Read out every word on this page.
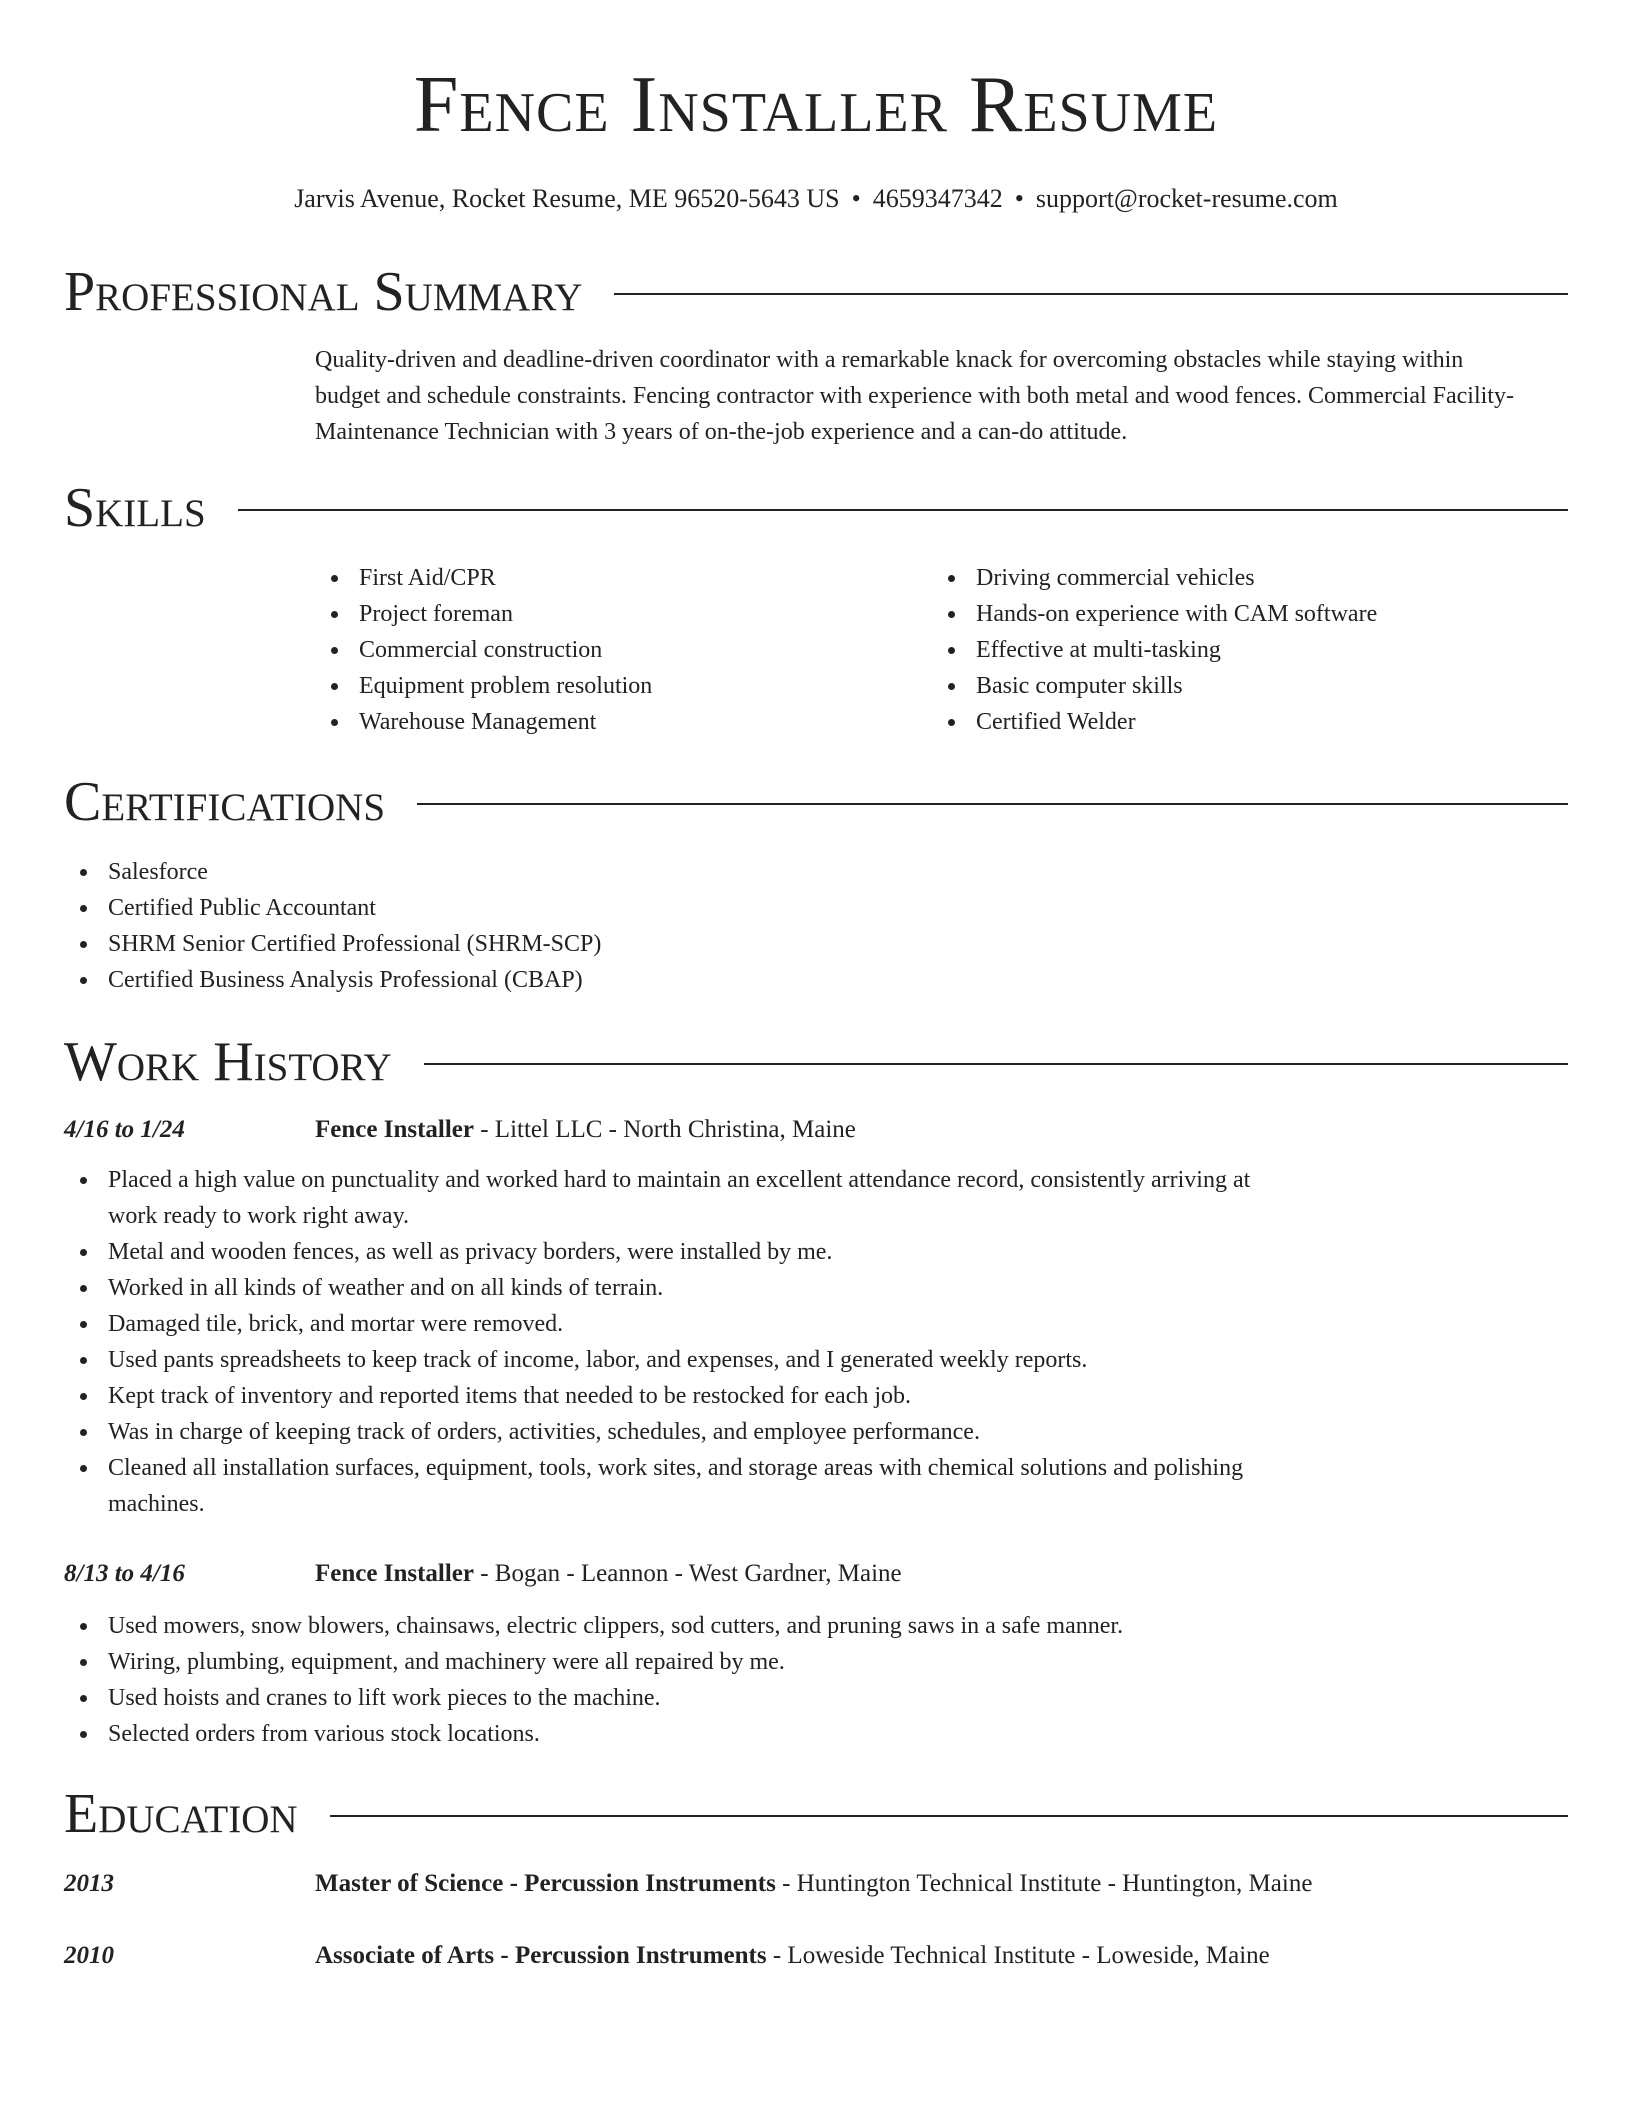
Fence Installer Resume
Jarvis Avenue, Rocket Resume, ME 96520-5643 US • 4659347342 • support@rocket-resume.com
Professional Summary
Quality-driven and deadline-driven coordinator with a remarkable knack for overcoming obstacles while staying within
budget and schedule constraints. Fencing contractor with experience with both metal and wood fences. Commercial Facility-
Maintenance Technician with 3 years of on-the-job experience and a can-do attitude.
Skills
First Aid/CPR
Project foreman
Commercial construction
Equipment problem resolution
Warehouse Management
Driving commercial vehicles
Hands-on experience with CAM software
Effective at multi-tasking
Basic computer skills
Certified Welder
Certifications
Salesforce
Certified Public Accountant
SHRM Senior Certified Professional (SHRM-SCP)
Certified Business Analysis Professional (CBAP)
Work History
4/16 to 1/24	Fence Installer - Littel LLC - North Christina, Maine
Placed a high value on punctuality and worked hard to maintain an excellent attendance record, consistently arriving at
work ready to work right away.
Metal and wooden fences, as well as privacy borders, were installed by me.
Worked in all kinds of weather and on all kinds of terrain.
Damaged tile, brick, and mortar were removed.
Used pants spreadsheets to keep track of income, labor, and expenses, and I generated weekly reports.
Kept track of inventory and reported items that needed to be restocked for each job.
Was in charge of keeping track of orders, activities, schedules, and employee performance.
Cleaned all installation surfaces, equipment, tools, work sites, and storage areas with chemical solutions and polishing
machines.
8/13 to 4/16	Fence Installer - Bogan - Leannon - West Gardner, Maine
Used mowers, snow blowers, chainsaws, electric clippers, sod cutters, and pruning saws in a safe manner.
Wiring, plumbing, equipment, and machinery were all repaired by me.
Used hoists and cranes to lift work pieces to the machine.
Selected orders from various stock locations.
Education
2013	Master of Science - Percussion Instruments - Huntington Technical Institute - Huntington, Maine
2010	Associate of Arts - Percussion Instruments - Loweside Technical Institute - Loweside, Maine
